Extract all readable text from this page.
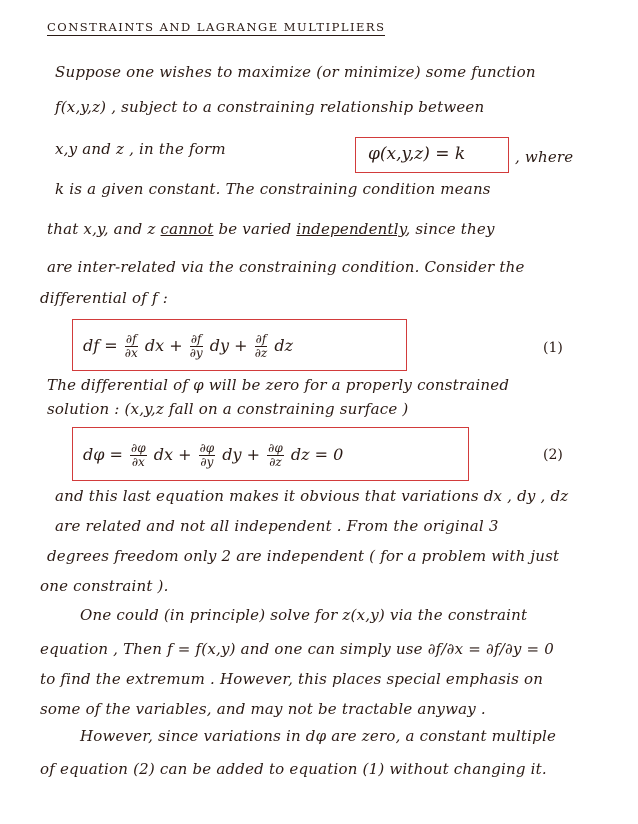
CONSTRAINTS AND LAGRANGE MULTIPLIERS
Suppose one wishes to maximize (or minimize) some function
f(x,y,z) , subject to a constraining relationship between
x,y and z , in the form	φ(x,y,z) = k	, where
k is a given constant. The constraining condition means
that x,y, and z cannot be varied independently, since they
are inter-related via the constraining condition. Consider the
differential of f :
df = $\frac{\partial f}{\partial x}$ dx + $\frac{\partial f}{\partial y}$ dy + $\frac{\partial f}{\partial z}$ dz	(1)
The differential of φ will be zero for a properly constrained
solution : (x,y,z fall on a constraining surface )
$d\varphi = \frac{\partial\varphi}{\partial x}$ dx + $\frac{\partial\varphi}{\partial y}$ dy + $\frac{\partial\varphi}{\partial z}$ dz = 0	(2)
and this last equation makes it obvious that variations dx , dy , dz
are related and not all independent . From the original 3
degrees freedom only 2 are independent ( for a problem with just
one constraint ).
One could (in principle) solve for z(x,y) via the constraint
equation , Then f = f(x,y) and one can simply use ∂f/∂x = ∂f/∂y = 0
to find the extremum . However, this places special emphasis on
some of the variables, and may not be tractable anyway .
However, since variations in dφ are zero, a constant multiple
of equation (2) can be added to equation (1) without changing it.
